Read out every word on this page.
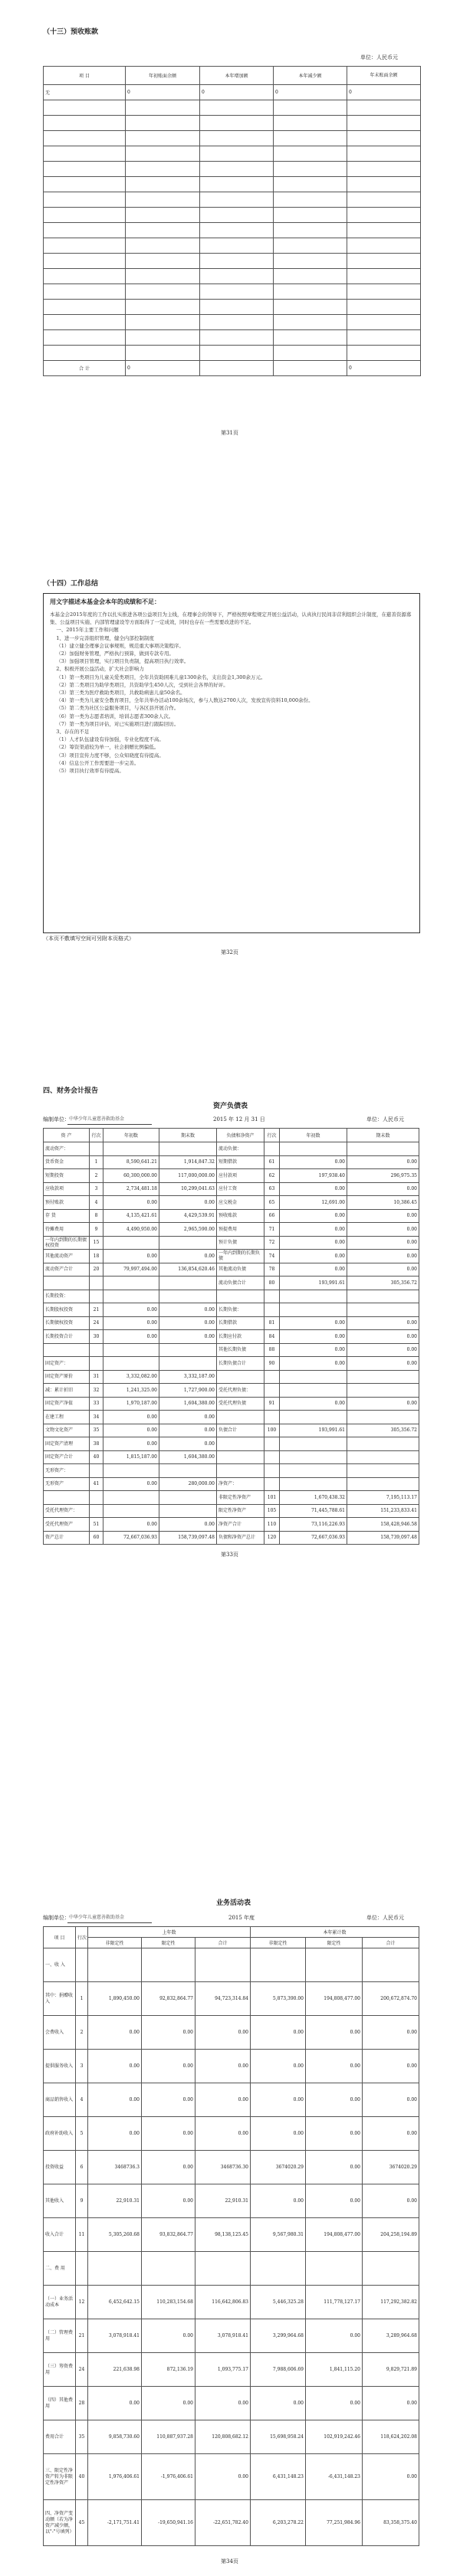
（十三）预收账款
单位：人民币元
项 目	年初账面余额	本年增加额	本年减少额	年末账面余额
无	0	0	0	0

合 计	0			0
第31页
（十四）工作总结
用文字描述本基金会本年的成绩和不足：
本基金会2015年度的工作以扎实推进各项公益项目为主线，在理事会的领导下，严格按照章程规定开展公益活动，认真执行民间非营利组织会计制度，在慈善资源募集、公益项目实施、内部管理建设等方面取得了一定成效，同时也存在一些需要改进的不足。
一、2015年主要工作和问题
1、进一步完善组织管理，健全内部控制制度
（1）建立健全理事会议事规则，规范重大事项决策程序。
（2）加强财务管理，严格执行预算，做到专款专用。
（3）加强项目管理，实行项目负责制，提高项目执行效率。
2、积极开展公益活动，扩大社会影响力
（1）第一类项目为儿童关爱类项目，全年共资助困难儿童1300余名，支出资金1,300余万元。
（2）第二类项目为助学类项目，共资助学生450人次，受到社会各界的好评。
（3）第三类为医疗救助类项目，共救助病患儿童50余名。
（4）第一类为儿童安全教育项目，全年共举办活动100余场次，参与人数达2700人次，发放宣传资料10,000余份。
（5）第二类为社区公益服务项目，与各区县开展合作。
（6）第一类为志愿者培训，培训志愿者300余人次。
（7）第一类为项目评估，对已实施项目进行跟踪回访。
3、存在的不足
（1）人才队伍建设有待加强，专业化程度不高。
（2）筹资渠道较为单一，社会捐赠比例偏低。
（3）项目宣传力度不够，公众知晓度有待提高。
（4）信息公开工作需要进一步完善。
（5）项目执行效率有待提高。
（本页不敷填写空间可另附本页格式）
第32页
四、财务会计报告
资产负债表
编制单位： 中华少年儿童慈善救助基金	2015 年 12 月 31 日	单位：人民币元
资 产	行次	年初数	期末数	负债和净资产	行次	年初数	期末数
流动资产：				流动负债：			
货币资金	1	8,590,641.21	1,914,847.32	短期借款	61	0.00	0.00
短期投资	2	60,300,000.00	117,000,000.00	应付款项	62	197,938.40	296,975.35
应收款项	3	2,734,481.18	10,299,041.63	应付工资	63	0.00	0.00
预付账款	4	0.00	0.00	应交税金	65	12,691.00	10,386.45
存 货	8	4,135,421.61	4,429,539.91	预收账款	66	0.00	0.00
待摊费用	9	4,490,950.00	2,965,590.00	预提费用	71	0.00	0.00
一年内到期的长期债权投资	15			预计负债	72	0.00	0.00
其他流动资产	18	0.00	0.00	一年内到期的长期负债	74	0.00	0.00
流动资产合计	20	79,997,494.00	136,854,620.46	其他流动负债	78	0.00	0.00
				流动负债合计	80	193,991.61	305,356.72
长期投资：							
长期股权投资	21	0.00	0.00	长期负债：			
长期债权投资	24	0.00	0.00	长期借款	81	0.00	0.00
长期投资合计	30	0.00	0.00	长期应付款	84	0.00	0.00
				其他长期负债	88	0.00	0.00
固定资产：				长期负债合计	90	0.00	0.00
固定资产原价	31	3,332,082.00	3,332,187.00				
减：累计折旧	32	1,241,325.00	1,727,900.00	受托代理负债：			
固定资产净值	33	1,970,187.00	1,604,380.00	受托代理负债	91	0.00	0.00
在建工程	34	0.00	0.00				
文物文化资产	35	0.00	0.00	负债合计	100	193,991.61	305,356.72
固定资产清理	38	0.00	0.00				
固定资产合计	40	1,815,187.00	1,604,380.00				
无形资产：							
无形资产	41	0.00	280,000.00	净资产：			
				非限定性净资产	101	1,670,438.32	7,195,113.17
受托代理资产：				限定性净资产	105	71,445,788.61	151,233,833.41
受托代理资产	51	0.00	0.00	净资产合计	110	73,116,226.93	158,428,946.58
资产总计	60	72,667,036.93	158,739,097.48	负债和净资产总计	120	72,667,036.93	158,739,097.48
第33页
业务活动表
编制单位： 中华少年儿童慈善救助基金	2015 年度	单位：人民币元
项 目	行次	上年数			本年累计数		
		非限定性	限定性	合计	非限定性	限定性	合计
一、收 入							
其中：捐赠收入	1	1,890,450.00	92,832,864.77	94,723,314.84	5,873,390.00	194,808,477.00	200,672,874.70
会费收入	2	0.00	0.00	0.00	0.00	0.00	0.00
提供服务收入	3	0.00	0.00	0.00	0.00	0.00	0.00
商品销售收入	4	0.00	0.00	0.00	0.00	0.00	0.00
政府补助收入	5	0.00	0.00	0.00	0.00	0.00	0.00
投资收益	6	3468736.3	0.00	3468736.30	3674020.29	0.00	3674020.29
其他收入	9	22,910.31	0.00	22,910.31	0.00	0.00	0.00
收入合计	11	5,305,260.68	93,832,864.77	98,138,125.45	9,567,980.31	194,808,477.00	204,258,194.89
二、费 用							
（一）业务活动成本	12	6,452,642.15	110,283,154.68	116,642,806.83	5,446,325.28	111,778,127.17	117,292,382.82
（二）管理费用	21	3,078,918.41	0.00	3,078,918.41	3,299,964.68	0.00	3,289,964.68
（三）筹资费用	24	221,638.98	872,136.19	1,093,775.17	7,988,606.69	1,841,115.20	9,829,721.89
（四）其他费用	28	0.00	0.00	0.00	0.00	0.00	0.00
费用合计	35	9,858,730.60	110,887,937.28	120,808,682.12	15,698,958.24	102,919,242.46	118,624,202.08
三、限定性净资产转为非限定性净资产	40	1,976,406.61	-1,976,406.61	0.00	6,431,148.23	-6,431,148.23	0.00
四、净资产变动额（若为净资产减少额，以"-"号填列）	45	-2,171,751.41	-19,650,941.16	-22,651,782.40	6,203,278.22	77,251,984.96	83,358,375.40
第34页
